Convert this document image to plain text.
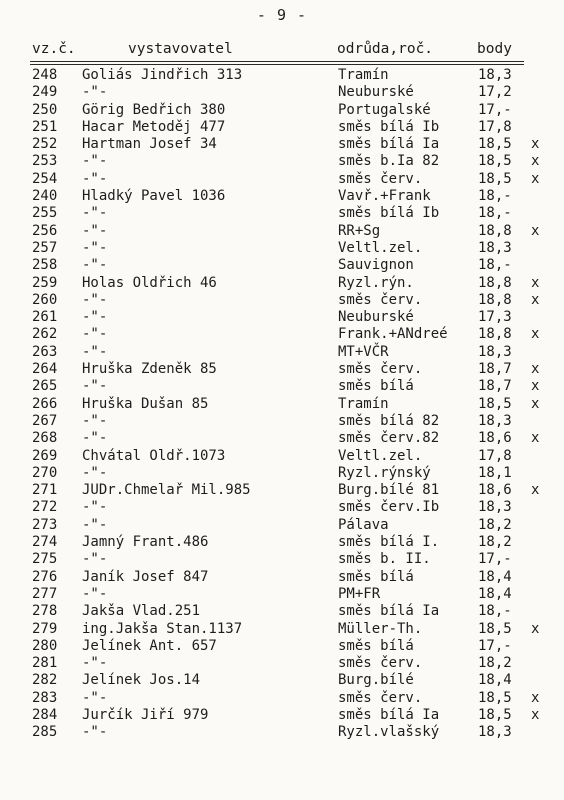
- 9 -
vz.č.	vystavovatel	odrůda,roč.	body
248 Goliás Jindřich 313	Tramín	18,3
249 -"-	Neuburské	17,2
250 Görig Bedřich 380	Portugalské	17,-
251 Hacar Metoděj 477	směs bílá Ib	17,8
252 Hartman Josef 34	směs bílá Ia	18,5 x
253 -"-	směs b.Ia 82	18,5 x
254 -"-	směs červ.	18,5 x
240 Hladký Pavel 1036	Vavř.+Frank	18,-
255 -"-	směs bílá Ib	18,-
256 -"-	RR+Sg	18,8 x
257 -"-	Veltl.zel.	18,3
258 -"-	Sauvignon	18,-
259 Holas Oldřich 46	Ryzl.rýn.	18,8 x
260 -"-	směs červ.	18,8 x
261 -"-	Neuburské	17,3
262 -"-	Frank.+ANdreé 18,8 x
263 -"-	MT+VČR	18,3
264 Hruška Zdeněk 85	směs červ.	18,7 x
265 -"-	směs bílá	18,7 x
266 Hruška Dušan 85	Tramín	18,5 x
267 -"-	směs bílá 82	18,3
268 -"-	směs červ.82	18,6 x
269 Chvátal Oldř.1073	Veltl.zel.	17,8
270 -"-	Ryzl.rýnský	18,1
271 JUDr.Chmelař Mil.985	Burg.bílé 81	18,6 x
272 -"-	směs červ.Ib	18,3
273 -"-	Pálava	18,2
274 Jamný Frant.486	směs bílá I.	18,2
275 -"-	směs b. II.	17,-
276 Janík Josef 847	směs bílá	18,4
277 -"-	PM+FR	18,4
278 Jakša Vlad.251	směs bílá Ia	18,-
279 ing.Jakša Stan.1137	Müller-Th.	18,5 x
280 Jelínek Ant. 657	směs bílá	17,-
281 -"-	směs červ.	18,2
282 Jelínek Jos.14	Burg.bílé	18,4
283 -"-	směs červ.	18,5 x
284 Jurčík Jiří 979	směs bílá Ia	18,5 x
285 -"-	Ryzl.vlašský	18,3
